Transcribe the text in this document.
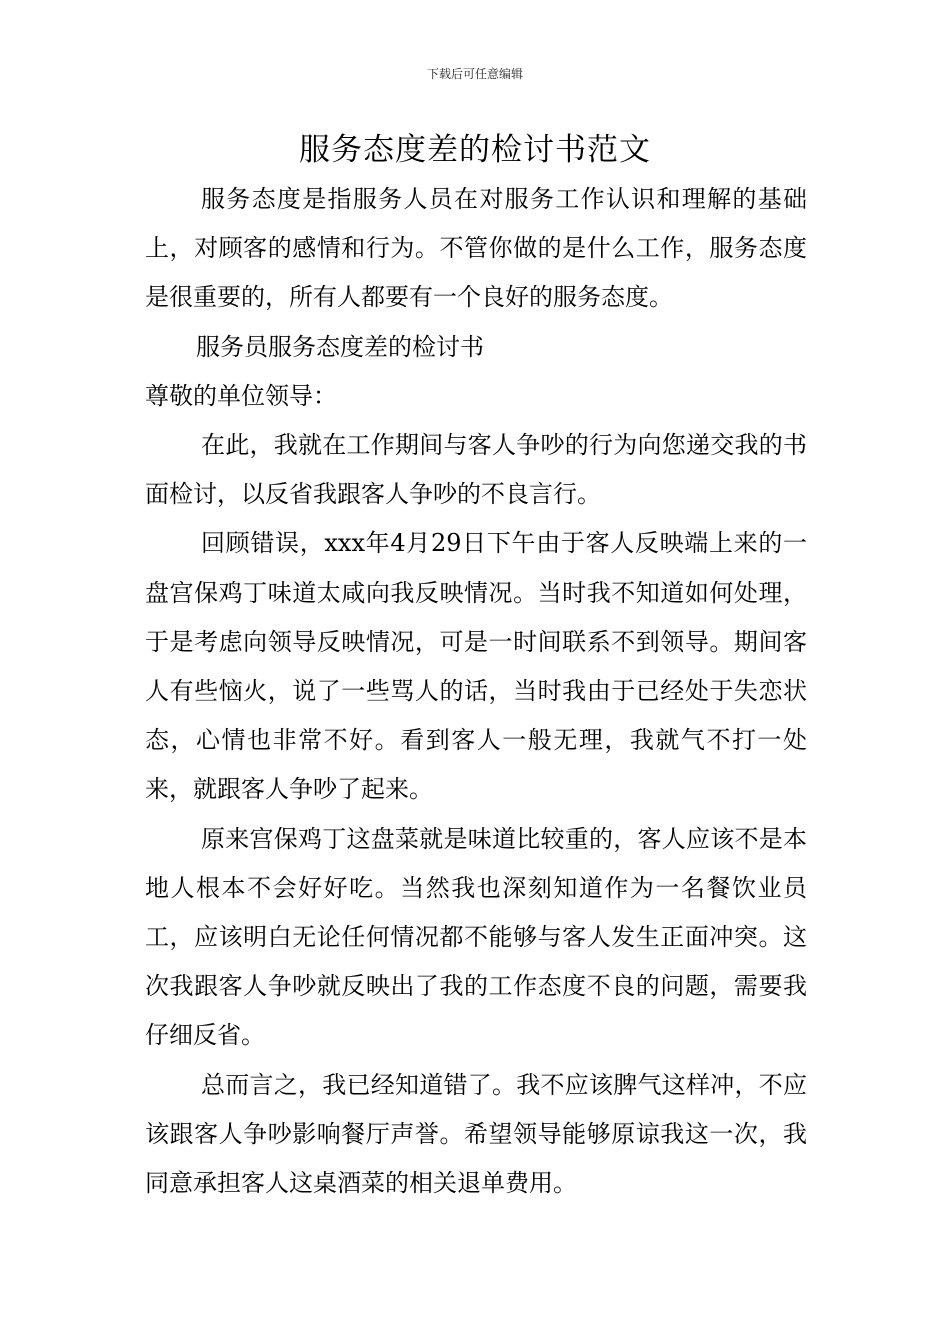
下载后可任意编辑
服务态度差的检讨书范文

服务态度是指服务人员在对服务工作认识和理解的基础上，对顾客的感情和行为。不管你做的是什么工作，服务态度是很重要的，所有人都要有一个良好的服务态度。

服务员服务态度差的检讨书

尊敬的单位领导：

在此，我就在工作期间与客人争吵的行为向您递交我的书面检讨，以反省我跟客人争吵的不良言行。

回顾错误，xxx年4月29日下午由于客人反映端上来的一盘宫保鸡丁味道太咸向我反映情况。当时我不知道如何处理，于是考虑向领导反映情况，可是一时间联系不到领导。期间客人有些恼火，说了一些骂人的话，当时我由于已经处于失恋状态，心情也非常不好。看到客人一般无理，我就气不打一处来，就跟客人争吵了起来。

原来宫保鸡丁这盘菜就是味道比较重的，客人应该不是本地人根本不会好好吃。当然我也深刻知道作为一名餐饮业员工，应该明白无论任何情况都不能够与客人发生正面冲突。这次我跟客人争吵就反映出了我的工作态度不良的问题，需要我仔细反省。

总而言之，我已经知道错了。我不应该脾气这样冲，不应该跟客人争吵影响餐厅声誉。希望领导能够原谅我这一次，我同意承担客人这桌酒菜的相关退单费用。
